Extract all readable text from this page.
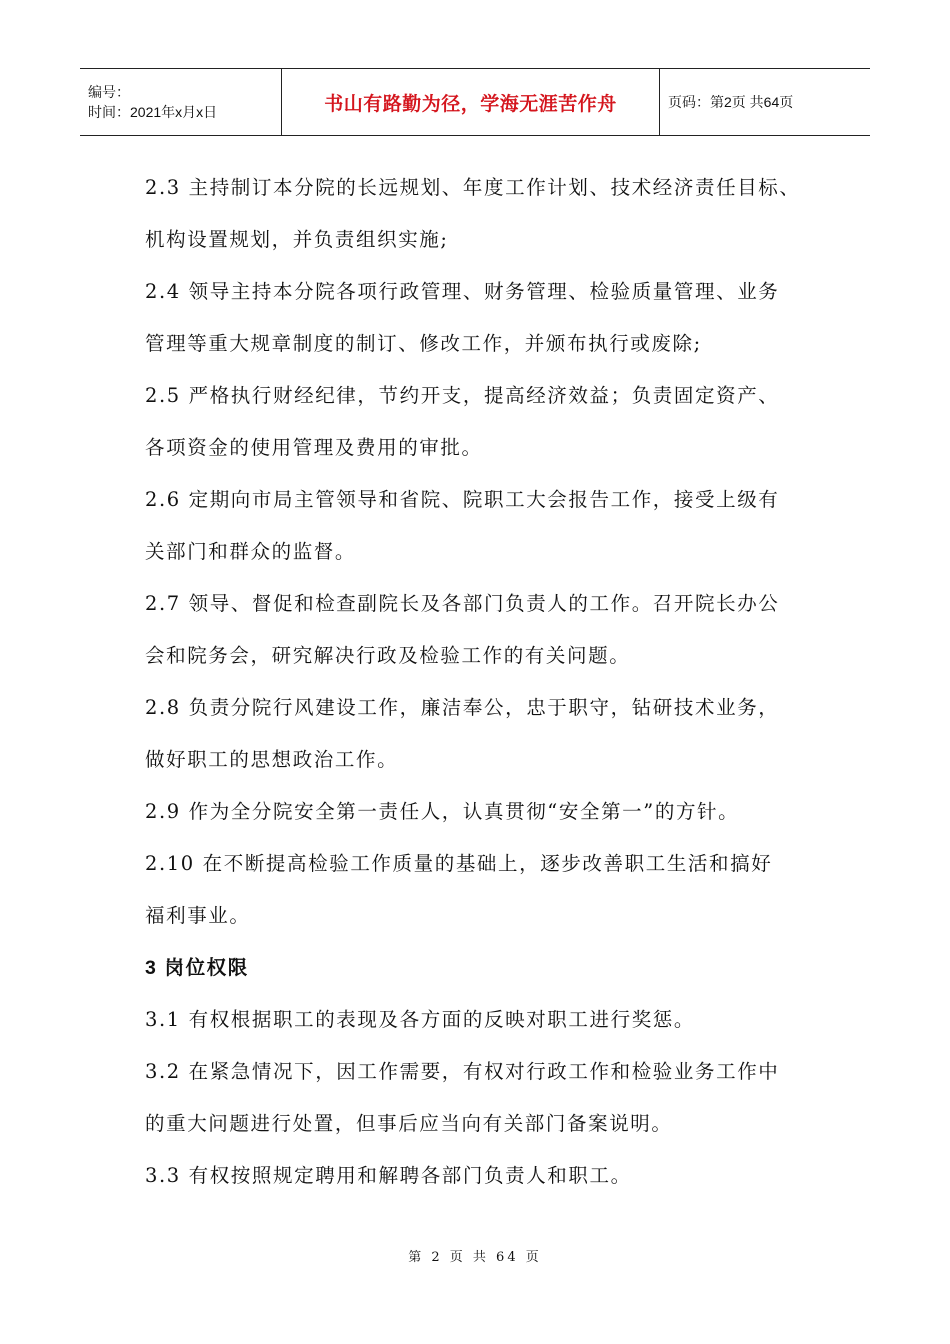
编号：
时间：2021年x月x日	书山有路勤为径，学海无涯苦作舟	页码：第2页 共64页

2.3 主持制订本分院的长远规划、年度工作计划、技术经济责任目标、

机构设置规划，并负责组织实施;

2.4 领导主持本分院各项行政管理、财务管理、检验质量管理、业务

管理等重大规章制度的制订、修改工作，并颁布执行或废除;

2.5 严格执行财经纪律，节约开支，提高经济效益；负责固定资产、

各项资金的使用管理及费用的审批。

2.6 定期向市局主管领导和省院、院职工大会报告工作，接受上级有

关部门和群众的监督。

2.7 领导、督促和检查副院长及各部门负责人的工作。召开院长办公

会和院务会，研究解决行政及检验工作的有关问题。

2.8 负责分院行风建设工作，廉洁奉公，忠于职守，钻研技术业务，

做好职工的思想政治工作。

2.9 作为全分院安全第一责任人，认真贯彻“安全第一”的方针。

2.10 在不断提高检验工作质量的基础上，逐步改善职工生活和搞好

福利事业。

3 岗位权限

3.1 有权根据职工的表现及各方面的反映对职工进行奖惩。

3.2 在紧急情况下，因工作需要，有权对行政工作和检验业务工作中

的重大问题进行处置，但事后应当向有关部门备案说明。

3.3 有权按照规定聘用和解聘各部门负责人和职工。

第 2 页 共 64 页
